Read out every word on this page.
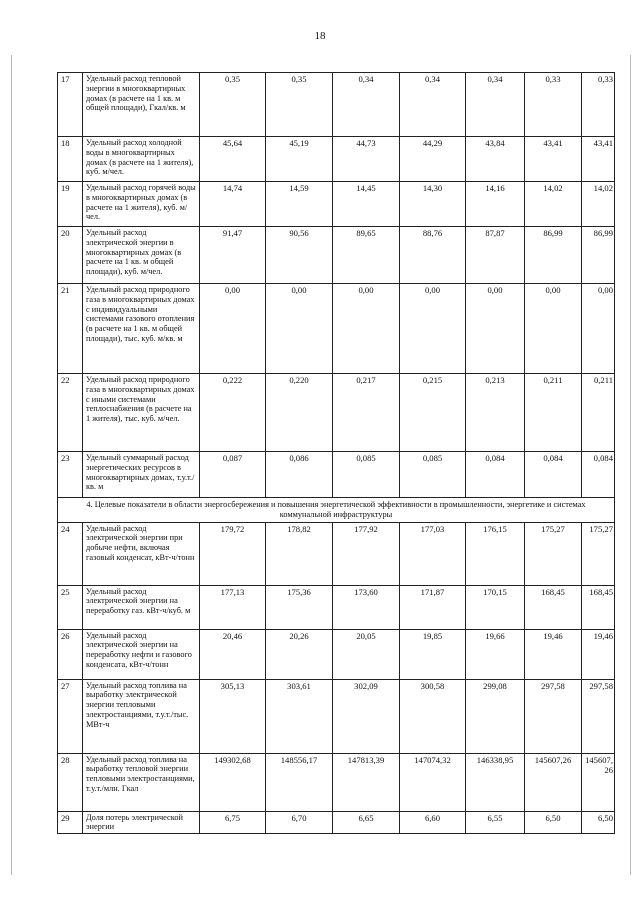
18
17	Удельный расход тепловой энергии в многоквартирных домах (в расчете на 1 кв. м общей площади), Гкал/кв. м	0,35	0,35	0,34	0,34	0,34	0,33	0,33
18	Удельный расход холодной воды в многоквартирных домах (в расчете на 1 жителя), куб. м/чел.	45,64	45,19	44,73	44,29	43,84	43,41	43,41
19	Удельный расход горячей воды в многоквартирных домах (в расчете на 1 жителя), куб. м/чел.	14,74	14,59	14,45	14,30	14,16	14,02	14,02
20	Удельный расход электрической энергии в многоквартирных домах (в расчете на 1 кв. м общей площади), куб. м/чел.	91,47	90,56	89,65	88,76	87,87	86,99	86,99
21	Удельный расход природного газа в многоквартирных домах с индивидуальными системами газового отопления (в расчете на 1 кв. м общей площади), тыс. куб. м/кв. м	0,00	0,00	0,00	0,00	0,00	0,00	0,00
22	Удельный расход природного газа в многоквартирных домах с иными системами теплоснабжения (в расчете на 1 жителя), тыс. куб. м/чел.	0,222	0,220	0,217	0,215	0,213	0,211	0,211
23	Удельный суммарный расход энергетических ресурсов в многоквартирных домах, т.у.т./кв. м	0,087	0,086	0,085	0,085	0,084	0,084	0,084
4. Целевые показатели в области энергосбережения и повышения энергетической эффективности в промышленности, энергетике и системах коммунальной инфраструктуры								
24	Удельный расход электрической энергии при добыче нефти, включая газовый конденсат, кВт-ч/тонн	179,72	178,82	177,92	177,03	176,15	175,27	175,27
25	Удельный расход электрической энергии на переработку газ. кВт-ч/куб. м	177,13	175,36	173,60	171,87	170,15	168,45	168,45
26	Удельный расход электрической энергии на переработку нефти и газового конденсата, кВт-ч/тонн	20,46	20,26	20,05	19,85	19,66	19,46	19,46
27	Удельный расход топлива на выработку электрической энергии тепловыми электростанциями, т.у.т./тыс. МВт-ч	305,13	303,61	302,09	300,58	299,08	297,58	297,58
28	Удельный расход топлива на выработку тепловой энергии тепловыми электростанциями, т.у.т./млн. Гкал	149302,68	148556,17	147813,39	147074,32	146338,95	145607,26	145607,26
29	Доля потерь электрической энергии	6,75	6,70	6,65	6,60	6,55	6,50	6,50
